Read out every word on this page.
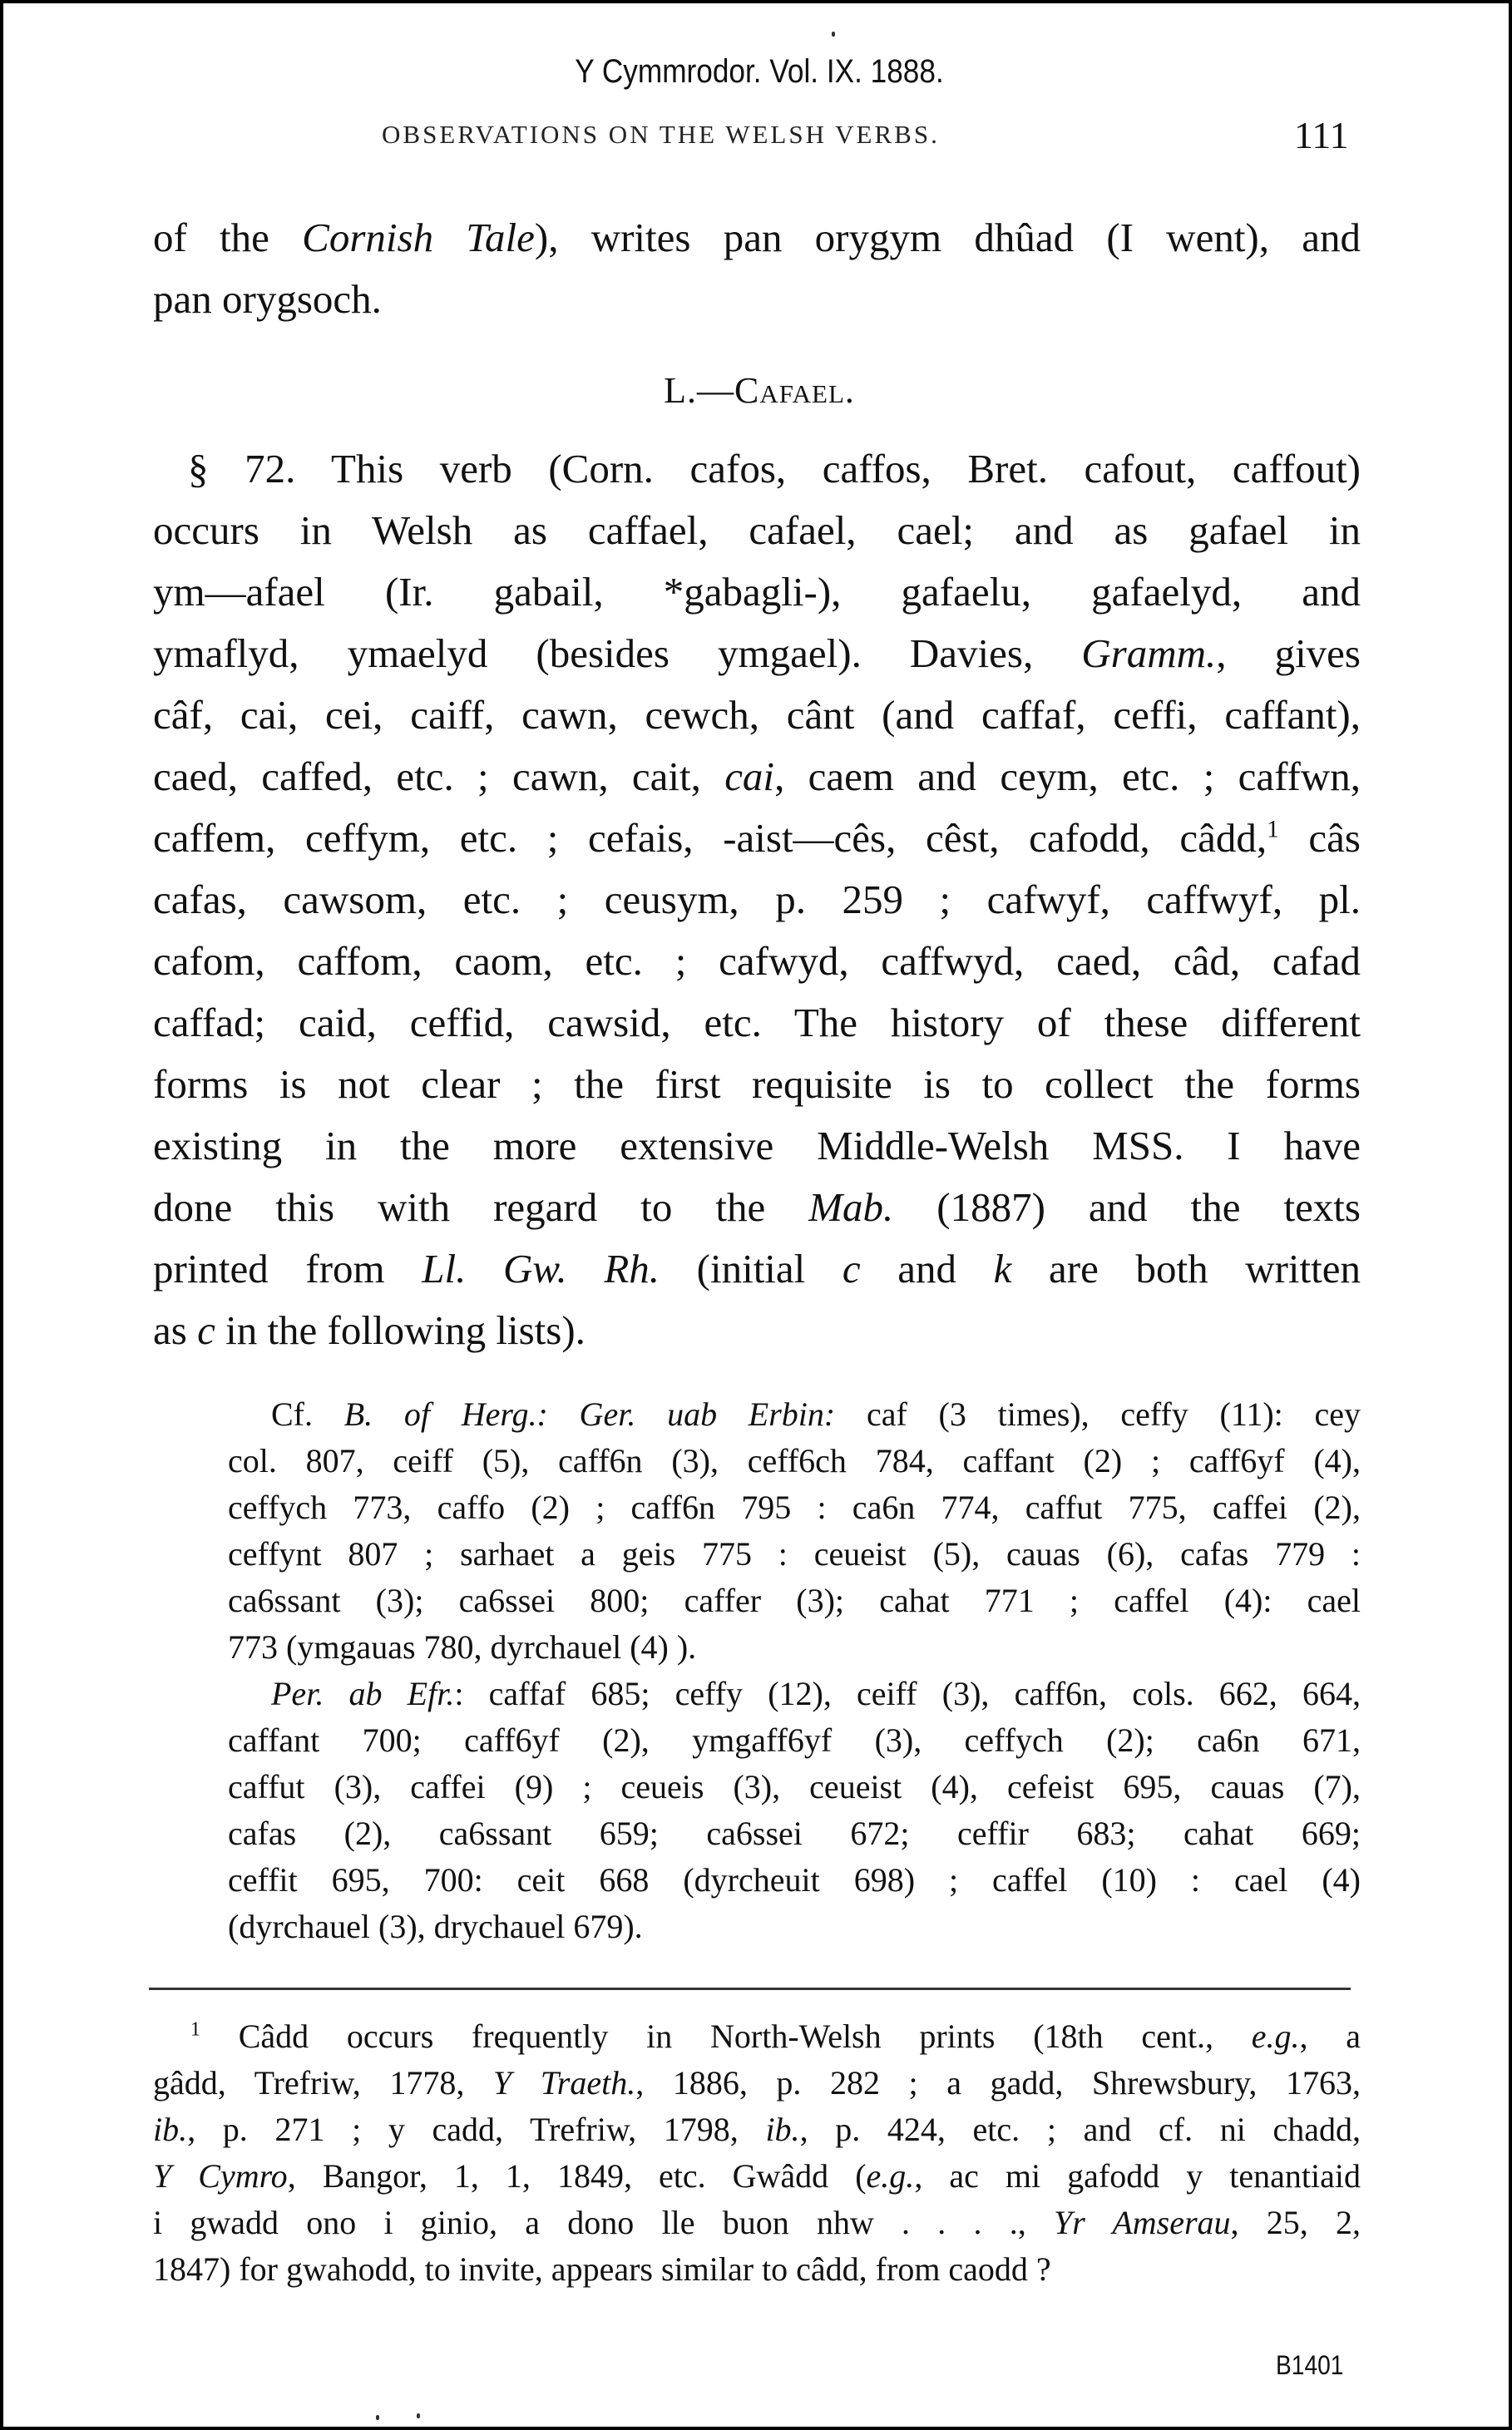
Y Cymmrodor. Vol. IX. 1888.
OBSERVATIONS ON THE WELSH VERBS.	111
of the Cornish Tale), writes pan orygym dhûad (I went), and
pan orygsoch.
L.—Cafael.
§ 72. This verb (Corn. cafos, caffos, Bret. cafout, caffout)
occurs in Welsh as caffael, cafael, cael; and as gafael in
ym—afael (Ir. gabail, *gabagli-), gafaelu, gafaelyd, and
ymaflyd, ymaelyd (besides ymgael). Davies, Gramm., gives
câf, cai, cei, caiff, cawn, cewch, cânt (and caffaf, ceffi, caffant),
caed, caffed, etc. ; cawn, cait, cai, caem and ceym, etc. ; caffwn,
caffem, ceffym, etc. ; cefais, -aist—cês, cêst, cafodd, câdd,$^1$ câs
cafas, cawsom, etc. ; ceusym, p. 259 ; cafwyf, caffwyf, pl.
cafom, caffom, caom, etc. ; cafwyd, caffwyd, caed, câd, cafad
caffad; caid, ceffid, cawsid, etc. The history of these different
forms is not clear ; the first requisite is to collect the forms
existing in the more extensive Middle-Welsh MSS. I have
done this with regard to the Mab. (1887) and the texts
printed from Ll. Gw. Rh. (initial c and k are both written
as c in the following lists).
Cf. B. of Herg.: Ger. uab Erbin: caf (3 times), ceffy (11): cey
col. 807, ceiff (5), caff6n (3), ceff6ch 784, caffant (2) ; caff6yf (4),
ceffych 773, caffo (2) ; caff6n 795 : ca6n 774, caffut 775, caffei (2),
ceffynt 807 ; sarhaet a geis 775 : ceueist (5), cauas (6), cafas 779 :
ca6ssant (3); ca6ssei 800; caffer (3); cahat 771 ; caffel (4): cael
773 (ymgauas 780, dyrchauel (4) ).
Per. ab Efr.: caffaf 685; ceffy (12), ceiff (3), caff6n, cols. 662, 664,
caffant 700; caff6yf (2), ymgaff6yf (3), ceffych (2); ca6n 671,
caffut (3), caffei (9) ; ceueis (3), ceueist (4), cefeist 695, cauas (7),
cafas (2), ca6ssant 659; ca6ssei 672; ceffir 683; cahat 669;
ceffit 695, 700: ceit 668 (dyrcheuit 698) ; caffel (10) : cael (4)
(dyrchauel (3), drychauel 679).
$^1$ Câdd occurs frequently in North-Welsh prints (18th cent., e.g., a
gâdd, Trefriw, 1778, Y Traeth., 1886, p. 282 ; a gadd, Shrewsbury, 1763,
ib., p. 271 ; y cadd, Trefriw, 1798, ib., p. 424, etc. ; and cf. ni chadd,
Y Cymro, Bangor, 1, 1, 1849, etc. Gwâdd (e.g., ac mi gafodd y tenantiaid
i gwadd ono i ginio, a dono lle buon nhw . . . ., Yr Amserau, 25, 2,
1847) for gwahodd, to invite, appears similar to câdd, from caodd ?
B1401
